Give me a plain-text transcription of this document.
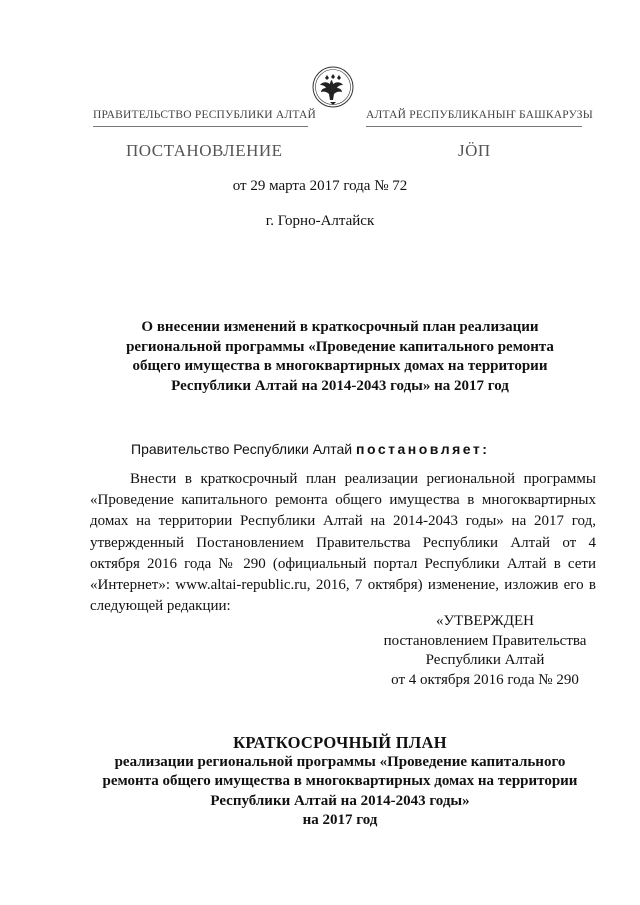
ПРАВИТЕЛЬСТВО РЕСПУБЛИКИ АЛТАЙ	АЛТАЙ РЕСПУБЛИКАНЫҤ БАШКАРУЗЫ
ПОСТАНОВЛЕНИЕ	ЈӦП
от 29 марта 2017 года № 72
г. Горно-Алтайск
О внесении изменений в краткосрочный план реализации
региональной программы «Проведение капитального ремонта
общего имущества в многоквартирных домах на территории
Республики Алтай на 2014-2043 годы» на 2017 год
Правительство Республики Алтай постановляет:
Внести в краткосрочный план реализации региональной программы «Проведение капитального ремонта общего имущества в многоквартирных домах на территории Республики Алтай на 2014-2043 годы» на 2017 год, утвержденный Постановлением Правительства Республики Алтай от 4 октября 2016 года № 290 (официальный портал Республики Алтай в сети «Интернет»: www.altai-republic.ru, 2016, 7 октября) изменение, изложив его в следующей редакции:
«УТВЕРЖДЕН
постановлением Правительства
Республики Алтай
от 4 октября 2016 года № 290
КРАТКОСРОЧНЫЙ ПЛАН
реализации региональной программы «Проведение капитального
ремонта общего имущества в многоквартирных домах на территории
Республики Алтай на 2014-2043 годы»
на 2017 год
